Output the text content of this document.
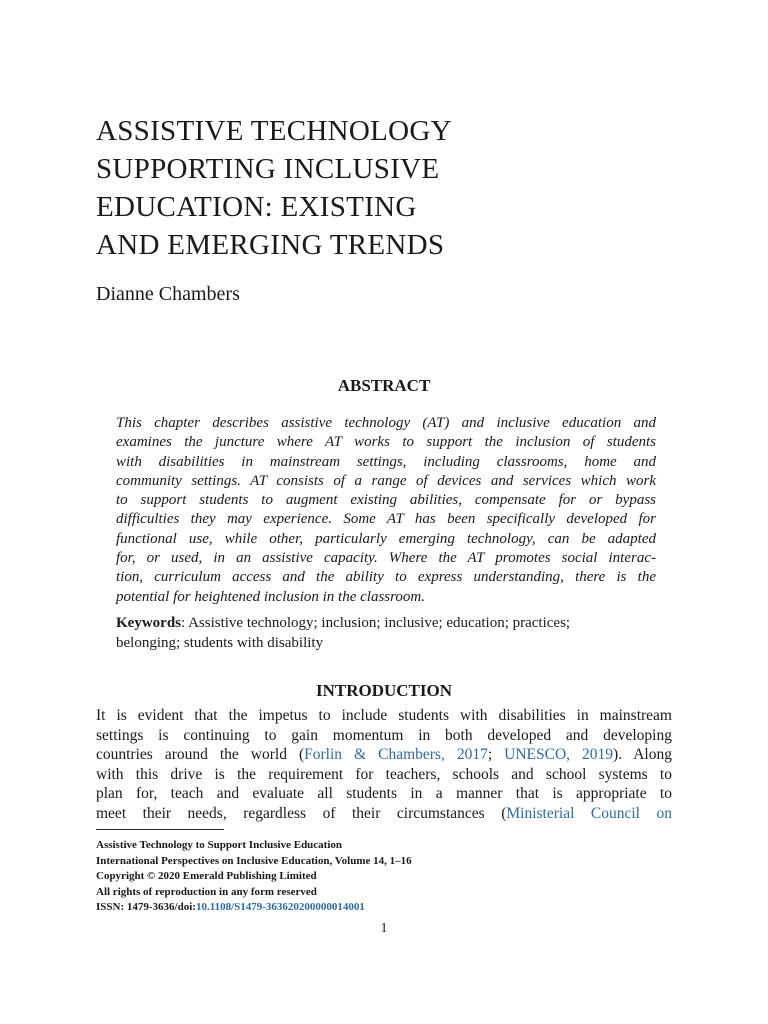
ASSISTIVE TECHNOLOGY
SUPPORTING INCLUSIVE
EDUCATION: EXISTING
AND EMERGING TRENDS
Dianne Chambers
ABSTRACT

This chapter describes assistive technology (AT) and inclusive education and
examines the juncture where AT works to support the inclusion of students
with disabilities in mainstream settings, including classrooms, home and
community settings. AT consists of a range of devices and services which work
to support students to augment existing abilities, compensate for or bypass
difficulties they may experience. Some AT has been specifically developed for
functional use, while other, particularly emerging technology, can be adapted
for, or used, in an assistive capacity. Where the AT promotes social interac-
tion, curriculum access and the ability to express understanding, there is the
potential for heightened inclusion in the classroom.

Keywords: Assistive technology; inclusion; inclusive; education; practices;
belonging; students with disability

INTRODUCTION

It is evident that the impetus to include students with disabilities in mainstream
settings is continuing to gain momentum in both developed and developing
countries around the world (Forlin & Chambers, 2017; UNESCO, 2019). Along
with this drive is the requirement for teachers, schools and school systems to
plan for, teach and evaluate all students in a manner that is appropriate to
meet their needs, regardless of their circumstances (Ministerial Council on

Assistive Technology to Support Inclusive Education
International Perspectives on Inclusive Education, Volume 14, 1–16
Copyright © 2020 Emerald Publishing Limited
All rights of reproduction in any form reserved
ISSN: 1479-3636/doi:10.1108/S1479-363620200000014001
1
